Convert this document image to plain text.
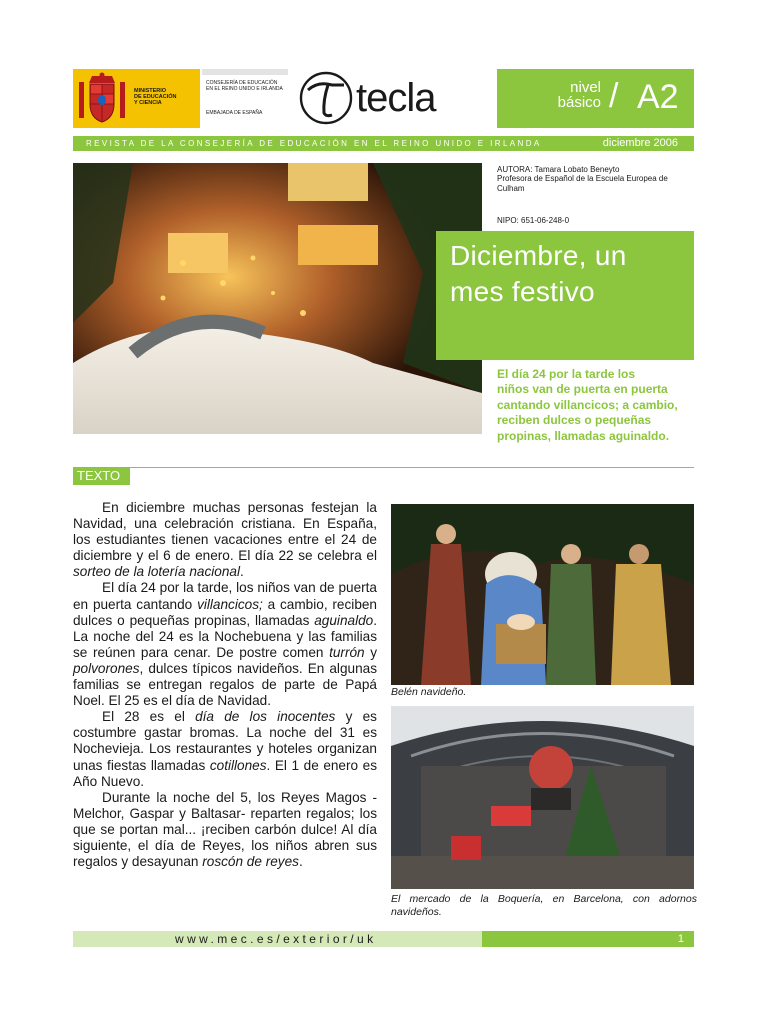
MINISTERIO
DE EDUCACIÓN
Y CIENCIA
CONSEJERÍA DE EDUCACIÓN
EN EL REINO UNIDO E IRLANDA
EMBAJADA DE ESPAÑA tecla	nivel
básico / A2
REVISTA DE LA CONSEJERÍA DE EDUCACIÓN EN EL REINO UNIDO E IRLANDA	diciembre 2006
AUTORA: Tamara Lobato Beneyto
Profesora de Español de la Escuela Europea de Culham
NIPO: 651-06-248-0
Diciembre, un
mes festivo
El día 24 por la tarde los
niños van de puerta en puerta
cantando villancicos; a cambio,
reciben dulces o pequeñas
propinas, llamadas aguinaldo.
TEXTO

En diciembre muchas personas festejan la Navidad, una celebración cristiana. En España, los estudiantes tienen vacaciones entre el 24 de diciembre y el 6 de enero. El día 22 se celebra el sorteo de la lotería nacional.

El día 24 por la tarde, los niños van de puerta en puerta cantando villancicos; a cambio, reciben dulces o pequeñas propinas, llamadas aguinaldo. La noche del 24 es la Nochebuena y las familias se reúnen para cenar. De postre comen turrón y polvorones, dulces típicos navideños. En algunas familias se entregan regalos de parte de Papá Noel. El 25 es el día de Navidad.

El 28 es el día de los inocentes y es costumbre gastar bromas. La noche del 31 es Nochevieja. Los restaurantes y hoteles organizan unas fiestas llamadas cotillones. El 1 de enero es Año Nuevo.

Durante la noche del 5, los Reyes Magos -Melchor, Gaspar y Baltasar- reparten regalos; los que se portan mal... ¡reciben carbón dulce! Al día siguiente, el día de Reyes, los niños abren sus regalos y desayunan roscón de reyes.

Belén navideño.
El mercado de la Boquería, en Barcelona, con adornos navideños.
www.mec.es/exterior/uk	1
